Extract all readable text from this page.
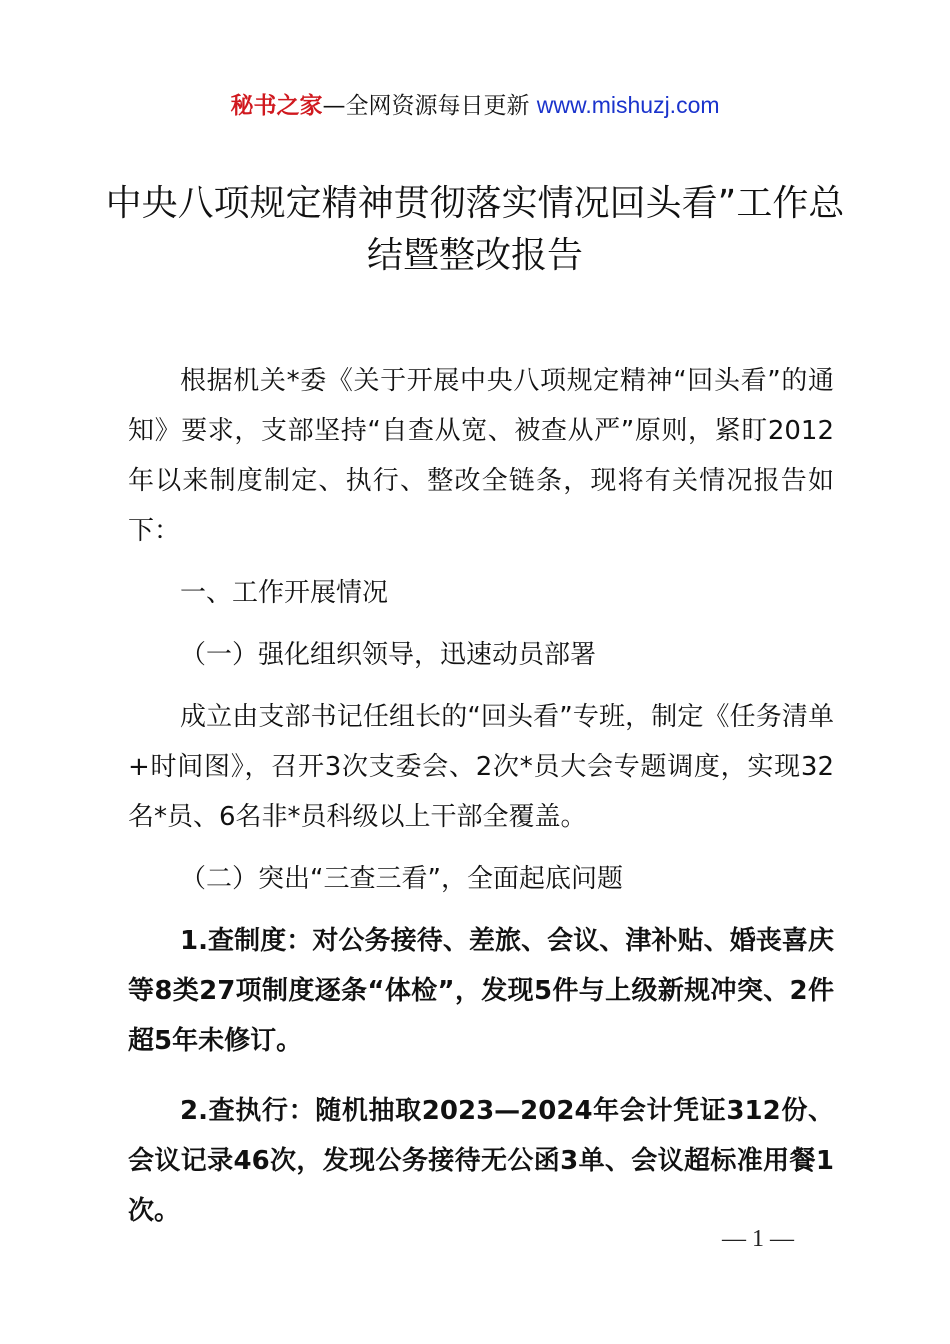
秘书之家—全网资源每日更新 www.mishuzj.com
中央八项规定精神贯彻落实情况回头看”工作总结暨整改报告

根据机关*委《关于开展中央八项规定精神“回头看”的通知》要求，支部坚持“自查从宽、被查从严”原则，紧盯2012年以来制度制定、执行、整改全链条，现将有关情况报告如下：

一、工作开展情况

（一）强化组织领导，迅速动员部署

成立由支部书记任组长的“回头看”专班，制定《任务清单+时间图》，召开3次支委会、2次*员大会专题调度，实现32名*员、6名非*员科级以上干部全覆盖。

（二）突出“三查三看”，全面起底问题

1.查制度：对公务接待、差旅、会议、津补贴、婚丧喜庆等8类27项制度逐条“体检”，发现5件与上级新规冲突、2件超5年未修订。

2.查执行：随机抽取2023—2024年会计凭证312份、会议记录46次，发现公务接待无公函3单、会议超标准用餐1次。

— 1 —
